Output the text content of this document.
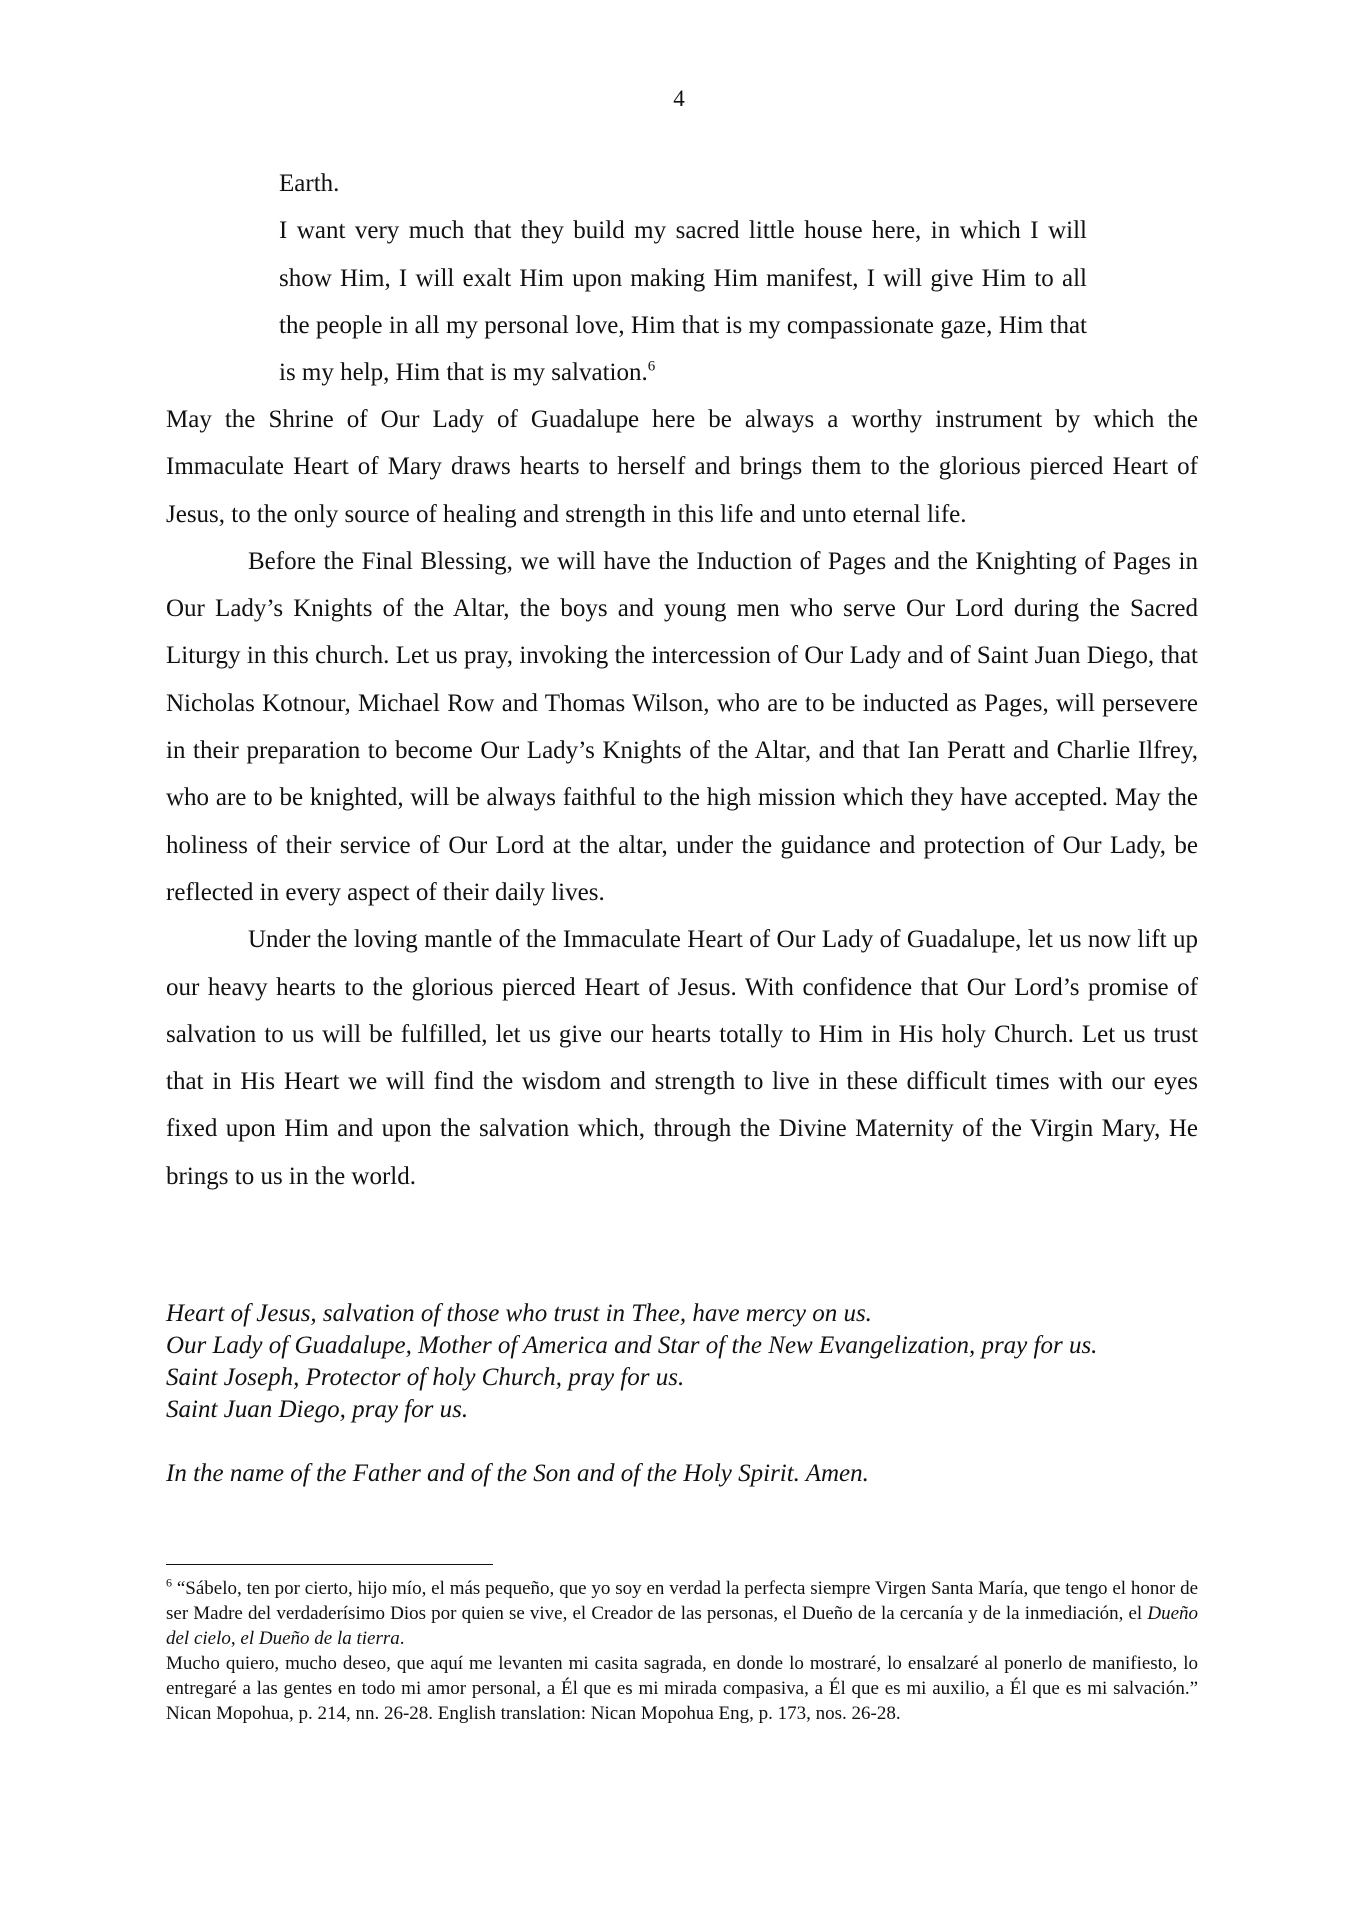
4

Earth.

I want very much that they build my sacred little house here, in which I will show Him, I will exalt Him upon making Him manifest, I will give Him to all the people in all my personal love, Him that is my compassionate gaze, Him that is my help, Him that is my salvation.$^6$

May the Shrine of Our Lady of Guadalupe here be always a worthy instrument by which the Immaculate Heart of Mary draws hearts to herself and brings them to the glorious pierced Heart of Jesus, to the only source of healing and strength in this life and unto eternal life.

Before the Final Blessing, we will have the Induction of Pages and the Knighting of Pages in Our Lady’s Knights of the Altar, the boys and young men who serve Our Lord during the Sacred Liturgy in this church. Let us pray, invoking the intercession of Our Lady and of Saint Juan Diego, that Nicholas Kotnour, Michael Row and Thomas Wilson, who are to be inducted as Pages, will persevere in their preparation to become Our Lady’s Knights of the Altar, and that Ian Peratt and Charlie Ilfrey, who are to be knighted, will be always faithful to the high mission which they have accepted. May the holiness of their service of Our Lord at the altar, under the guidance and protection of Our Lady, be reflected in every aspect of their daily lives.

Under the loving mantle of the Immaculate Heart of Our Lady of Guadalupe, let us now lift up our heavy hearts to the glorious pierced Heart of Jesus. With confidence that Our Lord’s promise of salvation to us will be fulfilled, let us give our hearts totally to Him in His holy Church. Let us trust that in His Heart we will find the wisdom and strength to live in these difficult times with our eyes fixed upon Him and upon the salvation which, through the Divine Maternity of the Virgin Mary, He brings to us in the world.

Heart of Jesus, salvation of those who trust in Thee, have mercy on us.

Our Lady of Guadalupe, Mother of America and Star of the New Evangelization, pray for us.

Saint Joseph, Protector of holy Church, pray for us.

Saint Juan Diego, pray for us.

In the name of the Father and of the Son and of the Holy Spirit. Amen.

$^6$ “Sábelo, ten por cierto, hijo mío, el más pequeño, que yo soy en verdad la perfecta siempre Virgen Santa María, que tengo el honor de ser Madre del verdaderísimo Dios por quien se vive, el Creador de las personas, el Dueño de la cercanía y de la inmediación, el Dueño del cielo, el Dueño de la tierra.

Mucho quiero, mucho deseo, que aquí me levanten mi casita sagrada, en donde lo mostraré, lo ensalzaré al ponerlo de manifiesto, lo entregaré a las gentes en todo mi amor personal, a Él que es mi mirada compasiva, a Él que es mi auxilio, a Él que es mi salvación.” Nican Mopohua, p. 214, nn. 26-28. English translation: Nican Mopohua Eng, p. 173, nos. 26-28.
